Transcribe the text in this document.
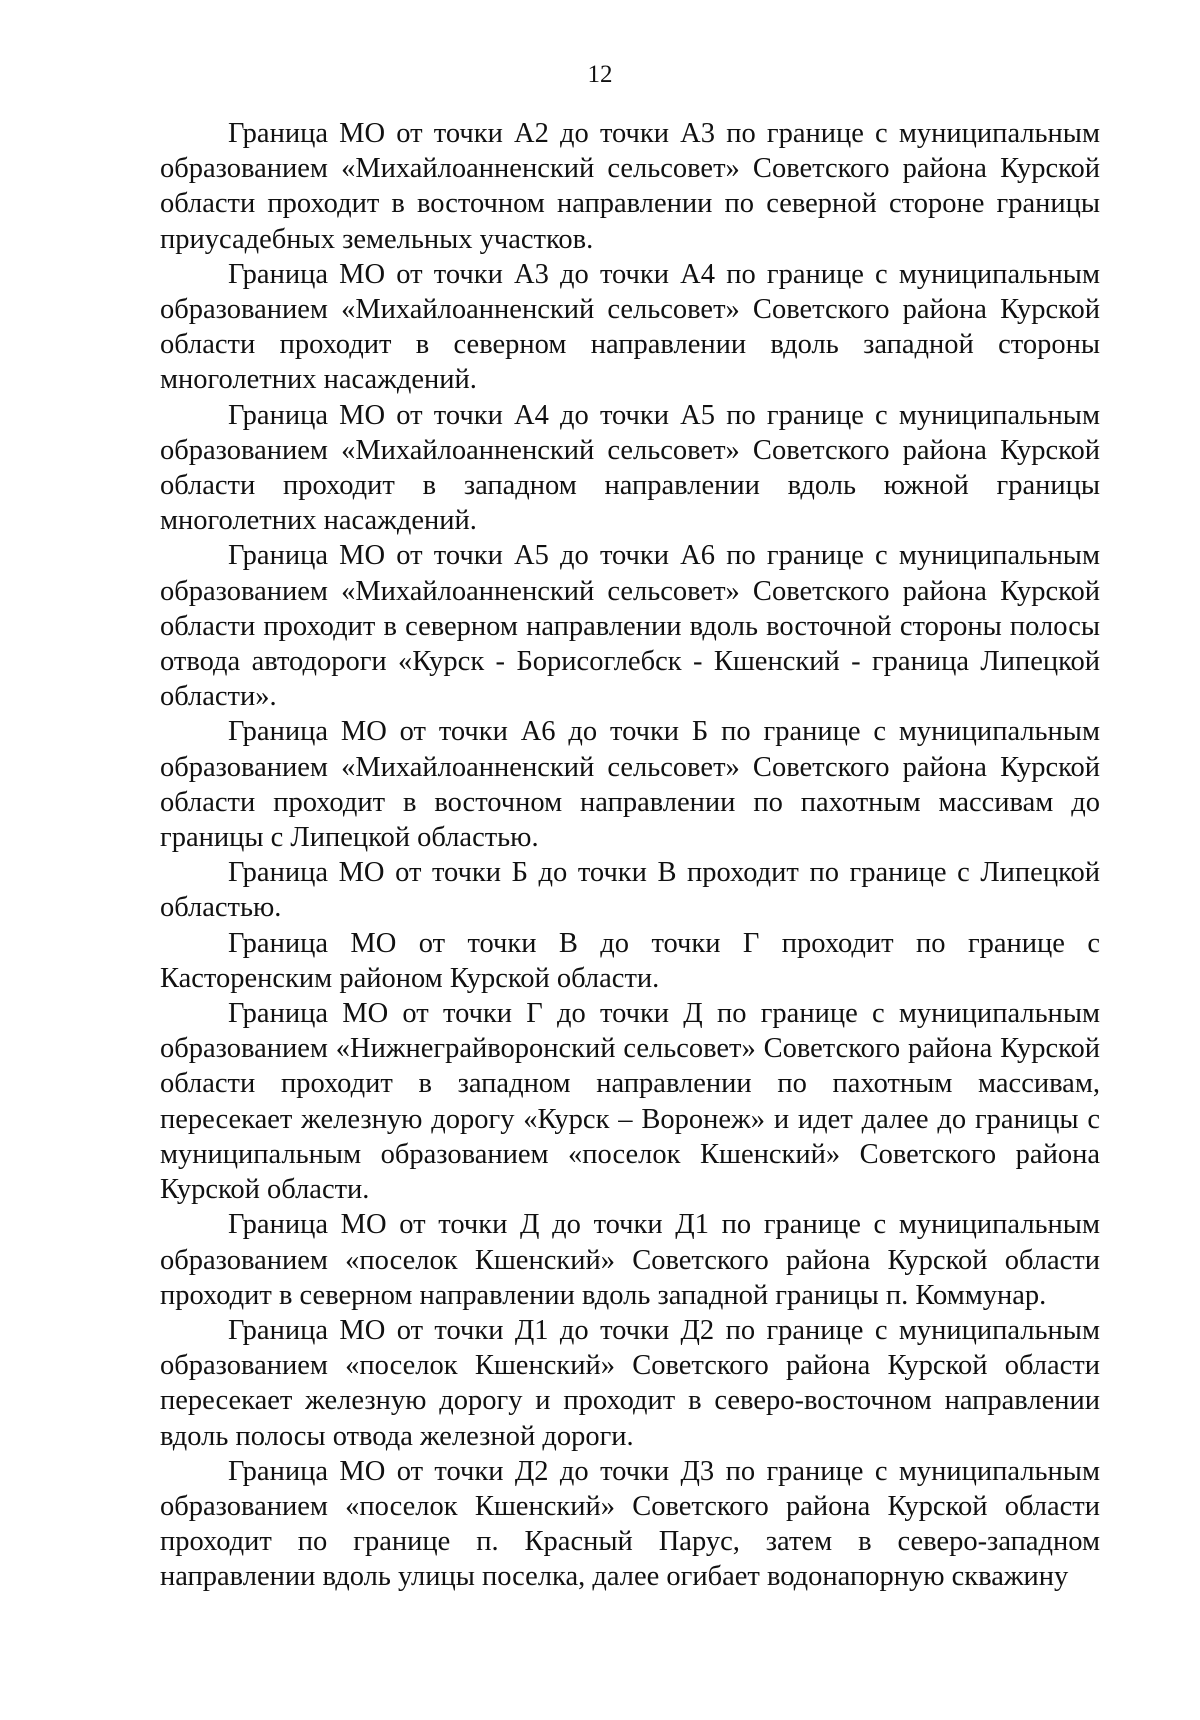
12

Граница МО от точки А2 до точки А3 по границе с муниципальным образованием «Михайлоанненский сельсовет» Советского района Курской области проходит в восточном направлении по северной стороне границы приусадебных земельных участков.

Граница МО от точки А3 до точки А4 по границе с муниципальным образованием «Михайлоанненский сельсовет» Советского района Курской области проходит в северном направлении вдоль западной стороны многолетних насаждений.

Граница МО от точки А4 до точки А5 по границе с муниципальным образованием «Михайлоанненский сельсовет» Советского района Курской области проходит в западном направлении вдоль южной границы многолетних насаждений.

Граница МО от точки А5 до точки А6 по границе с муниципальным образованием «Михайлоанненский сельсовет» Советского района Курской области проходит в северном направлении вдоль восточной стороны полосы отвода автодороги «Курск - Борисоглебск - Кшенский - граница Липецкой области».

Граница МО от точки А6 до точки Б по границе с муниципальным образованием «Михайлоанненский сельсовет» Советского района Курской области проходит в восточном направлении по пахотным массивам до границы с Липецкой областью.

Граница МО от точки Б до точки В проходит по границе с Липецкой областью.

Граница МО от точки В до точки Г проходит по границе с Касторенским районом Курской области.

Граница МО от точки Г до точки Д по границе с муниципальным образованием «Нижнеграйворонский сельсовет» Советского района Курской области проходит в западном направлении по пахотным массивам, пересекает железную дорогу «Курск – Воронеж» и идет далее до границы с муниципальным образованием «поселок Кшенский» Советского района Курской области.

Граница МО от точки Д до точки Д1 по границе с муниципальным образованием «поселок Кшенский» Советского района Курской области проходит в северном направлении вдоль западной границы п. Коммунар.

Граница МО от точки Д1 до точки Д2 по границе с муниципальным образованием «поселок Кшенский» Советского района Курской области пересекает железную дорогу и проходит в северо-восточном направлении вдоль полосы отвода железной дороги.

Граница МО от точки Д2 до точки Д3 по границе с муниципальным образованием «поселок Кшенский» Советского района Курской области проходит по границе п. Красный Парус, затем в северо-западном направлении вдоль улицы поселка, далее огибает водонапорную скважину
